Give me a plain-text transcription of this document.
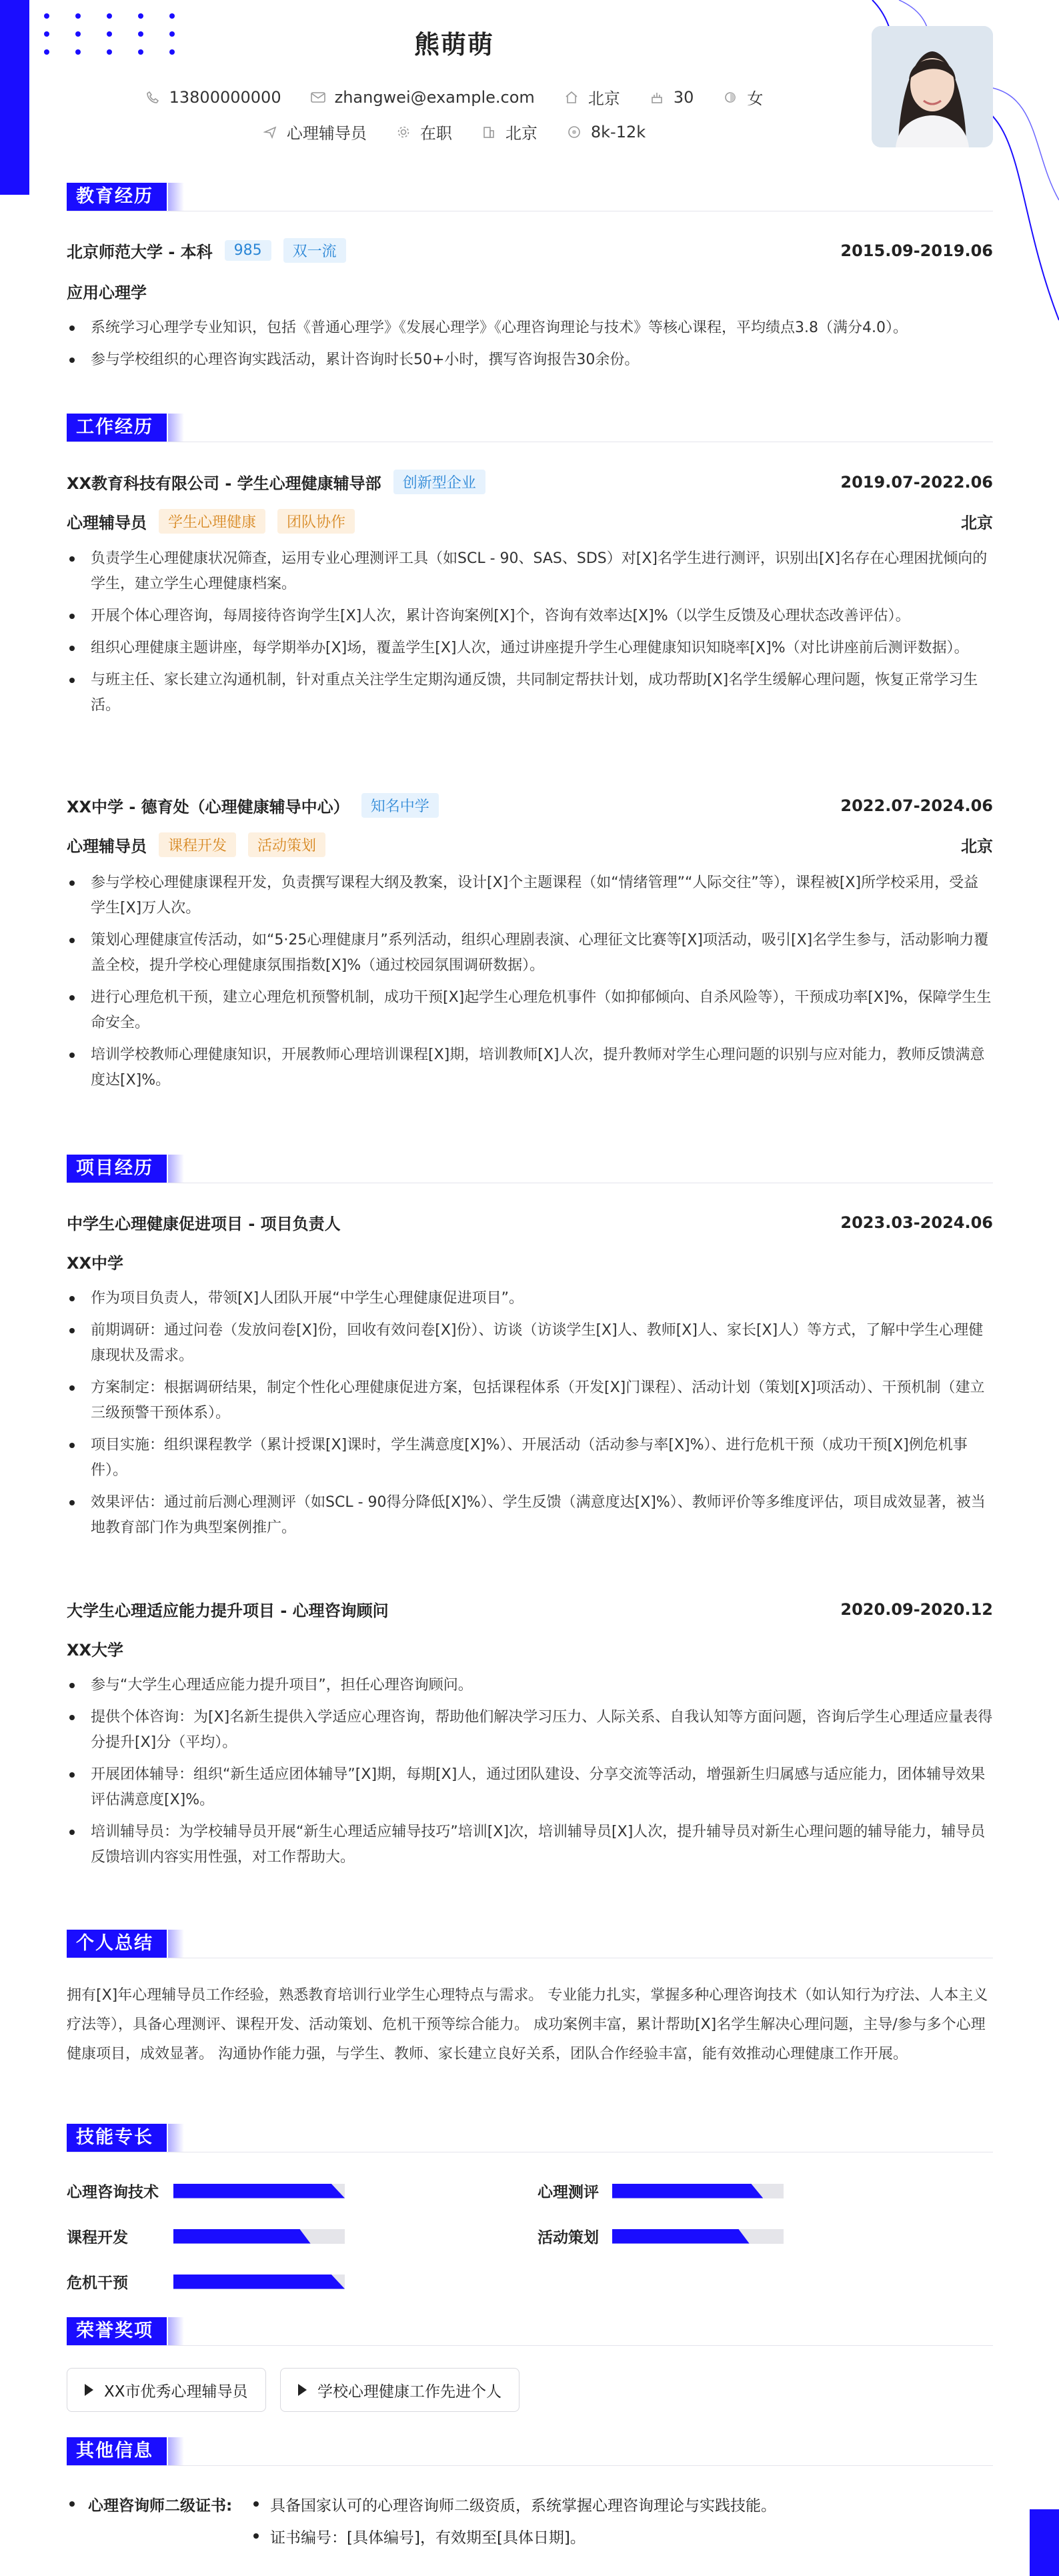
熊萌萌
13800000000	zhangwei@example.com	北京	30	女
心理辅导员	在职	北京	8k-12k
教育经历
北京师范大学 - 本科	985	双一流	2015.09-2019.06
应用心理学
系统学习心理学专业知识，包括《普通心理学》《发展心理学》《心理咨询理论与技术》等核心课程，平均绩点3.8（满分4.0）。
参与学校组织的心理咨询实践活动，累计咨询时长50+小时，撰写咨询报告30余份。
工作经历
XX教育科技有限公司 - 学生心理健康辅导部	创新型企业	2019.07-2022.06
心理辅导员	学生心理健康	团队协作	北京
负责学生心理健康状况筛查，运用专业心理测评工具（如SCL - 90、SAS、SDS）对[X]名学生进行测评，识别出[X]名存在心理困扰倾向的学生，建立学生心理健康档案。
开展个体心理咨询，每周接待咨询学生[X]人次，累计咨询案例[X]个，咨询有效率达[X]%（以学生反馈及心理状态改善评估）。
组织心理健康主题讲座，每学期举办[X]场，覆盖学生[X]人次，通过讲座提升学生心理健康知识知晓率[X]%（对比讲座前后测评数据）。
与班主任、家长建立沟通机制，针对重点关注学生定期沟通反馈，共同制定帮扶计划，成功帮助[X]名学生缓解心理问题，恢复正常学习生活。
XX中学 - 德育处（心理健康辅导中心）	知名中学	2022.07-2024.06
心理辅导员	课程开发	活动策划	北京
参与学校心理健康课程开发，负责撰写课程大纲及教案，设计[X]个主题课程（如“情绪管理”“人际交往”等），课程被[X]所学校采用，受益学生[X]万人次。
策划心理健康宣传活动，如“5·25心理健康月”系列活动，组织心理剧表演、心理征文比赛等[X]项活动，吸引[X]名学生参与，活动影响力覆盖全校，提升学校心理健康氛围指数[X]%（通过校园氛围调研数据）。
进行心理危机干预，建立心理危机预警机制，成功干预[X]起学生心理危机事件（如抑郁倾向、自杀风险等），干预成功率[X]%，保障学生生命安全。
培训学校教师心理健康知识，开展教师心理培训课程[X]期，培训教师[X]人次，提升教师对学生心理问题的识别与应对能力，教师反馈满意度达[X]%。
项目经历
中学生心理健康促进项目 - 项目负责人	2023.03-2024.06
XX中学
作为项目负责人，带领[X]人团队开展“中学生心理健康促进项目”。
前期调研：通过问卷（发放问卷[X]份，回收有效问卷[X]份）、访谈（访谈学生[X]人、教师[X]人、家长[X]人）等方式，了解中学生心理健康现状及需求。
方案制定：根据调研结果，制定个性化心理健康促进方案，包括课程体系（开发[X]门课程）、活动计划（策划[X]项活动）、干预机制（建立三级预警干预体系）。
项目实施：组织课程教学（累计授课[X]课时，学生满意度[X]%）、开展活动（活动参与率[X]%）、进行危机干预（成功干预[X]例危机事件）。
效果评估：通过前后测心理测评（如SCL - 90得分降低[X]%）、学生反馈（满意度达[X]%）、教师评价等多维度评估，项目成效显著，被当地教育部门作为典型案例推广。
大学生心理适应能力提升项目 - 心理咨询顾问	2020.09-2020.12
XX大学
参与“大学生心理适应能力提升项目”，担任心理咨询顾问。
提供个体咨询：为[X]名新生提供入学适应心理咨询，帮助他们解决学习压力、人际关系、自我认知等方面问题，咨询后学生心理适应量表得分提升[X]分（平均）。
开展团体辅导：组织“新生适应团体辅导”[X]期，每期[X]人，通过团队建设、分享交流等活动，增强新生归属感与适应能力，团体辅导效果评估满意度[X]%。
培训辅导员：为学校辅导员开展“新生心理适应辅导技巧”培训[X]次，培训辅导员[X]人次，提升辅导员对新生心理问题的辅导能力，辅导员反馈培训内容实用性强，对工作帮助大。
个人总结
拥有[X]年心理辅导员工作经验，熟悉教育培训行业学生心理特点与需求。 专业能力扎实，掌握多种心理咨询技术（如认知行为疗法、人本主义疗法等），具备心理测评、课程开发、活动策划、危机干预等综合能力。 成功案例丰富，累计帮助[X]名学生解决心理问题，主导/参与多个心理健康项目，成效显著。 沟通协作能力强，与学生、教师、家长建立良好关系，团队合作经验丰富，能有效推动心理健康工作开展。
技能专长
心理咨询技术	心理测评
课程开发	活动策划
危机干预
荣誉奖项
XX市优秀心理辅导员	学校心理健康工作先进个人
其他信息
心理咨询师二级证书: 具备国家认可的心理咨询师二级资质，系统掌握心理咨询理论与实践技能。
证书编号：[具体编号]，有效期至[具体日期]。
